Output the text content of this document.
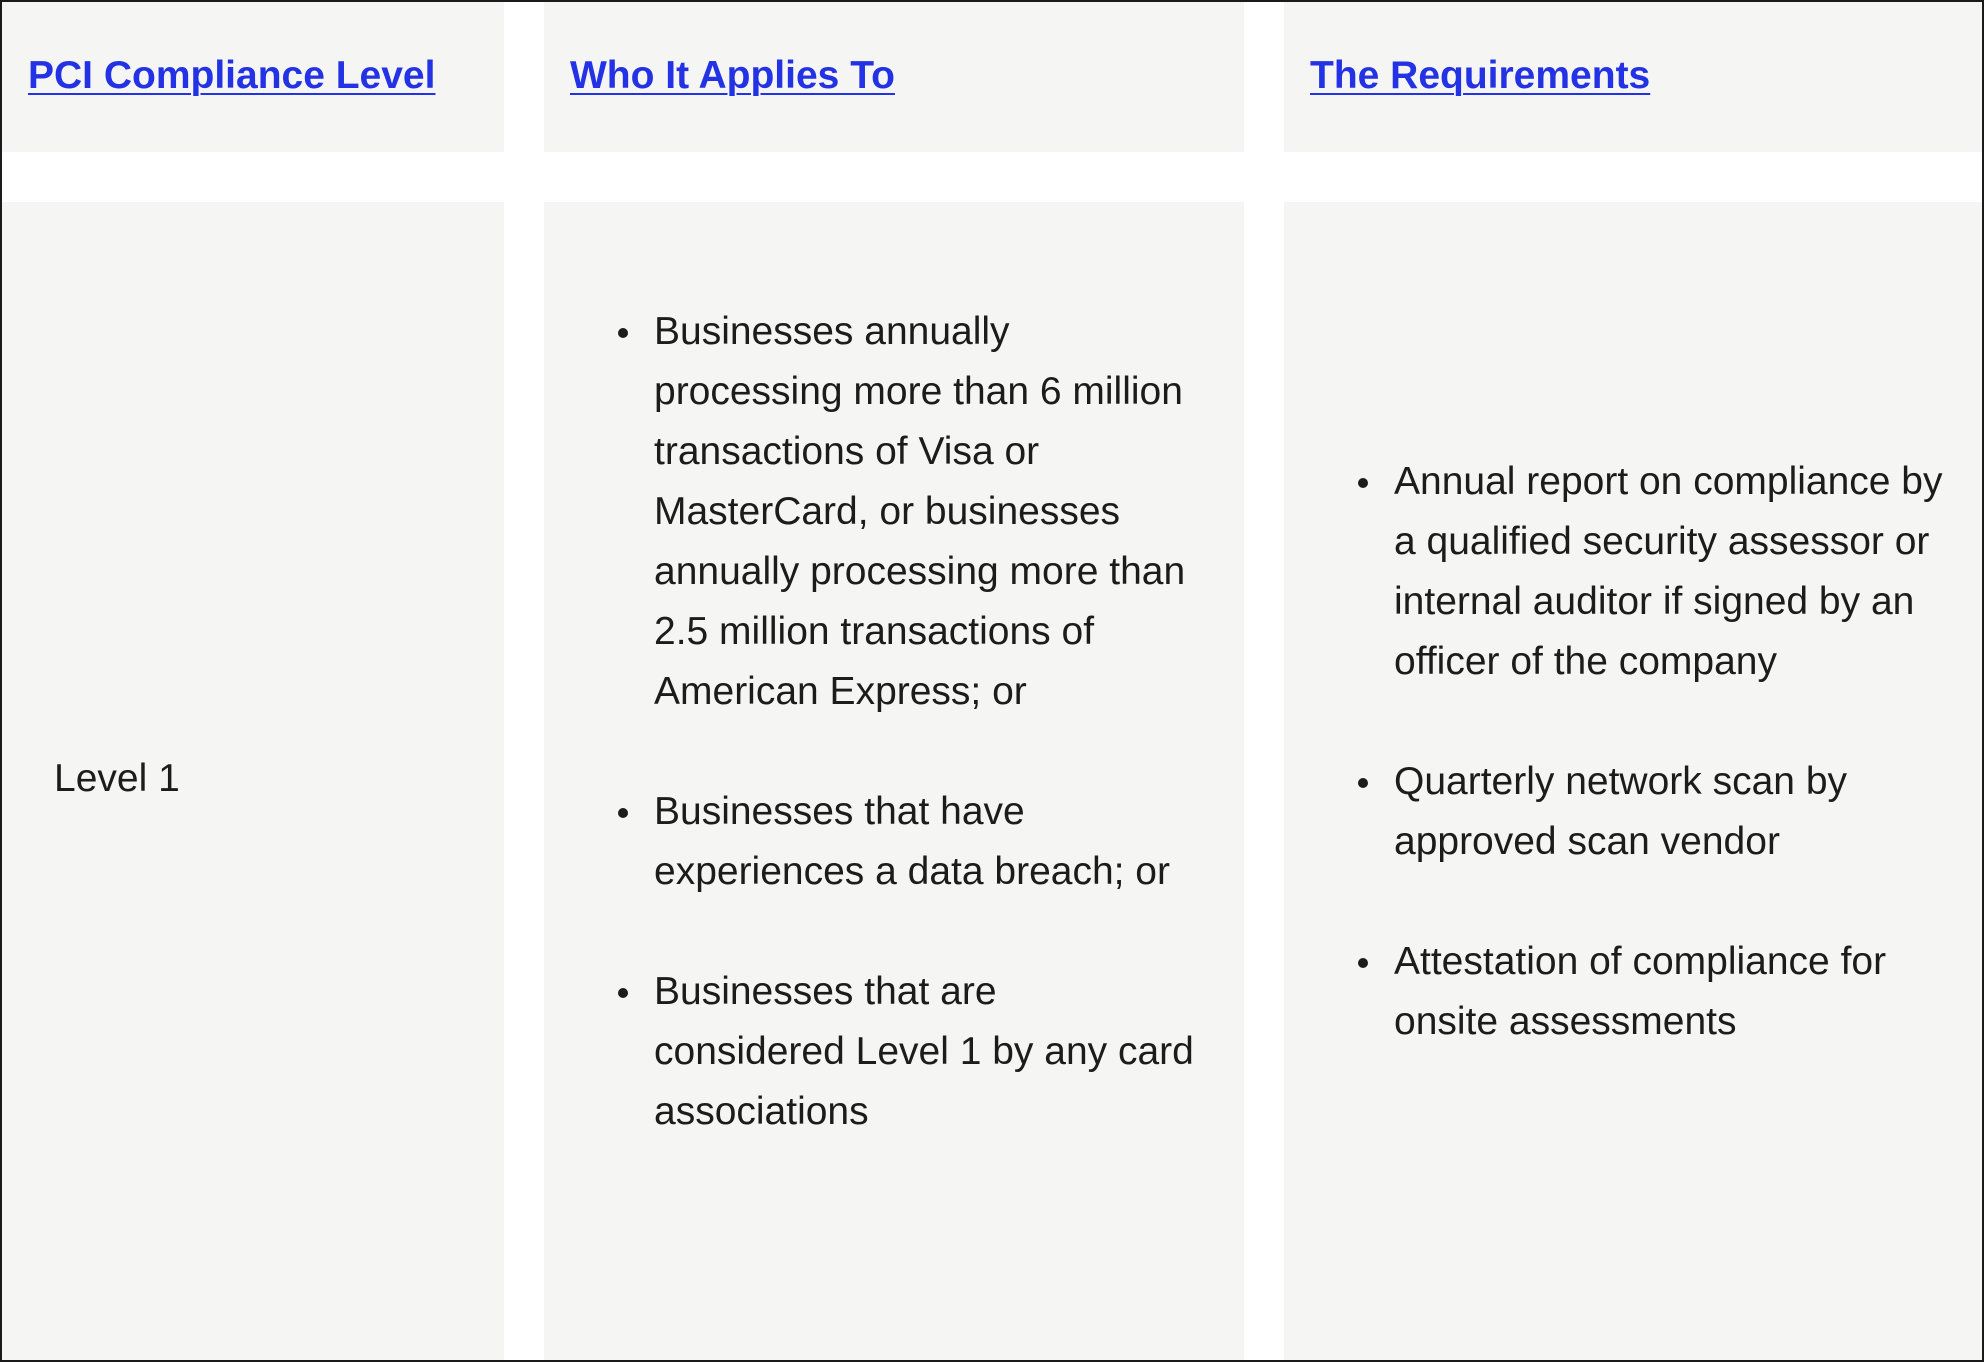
PCI Compliance Level	Who It Applies To	The Requirements
Level 1
Businesses annually processing more than 6 million transactions of Visa or MasterCard, or businesses annually processing more than 2.5 million transactions of American Express; or
Businesses that have experiences a data breach; or
Businesses that are considered Level 1 by any card associations
Annual report on compliance by a qualified security assessor or internal auditor if signed by an officer of the company
Quarterly network scan by approved scan vendor
Attestation of compliance for onsite assessments
